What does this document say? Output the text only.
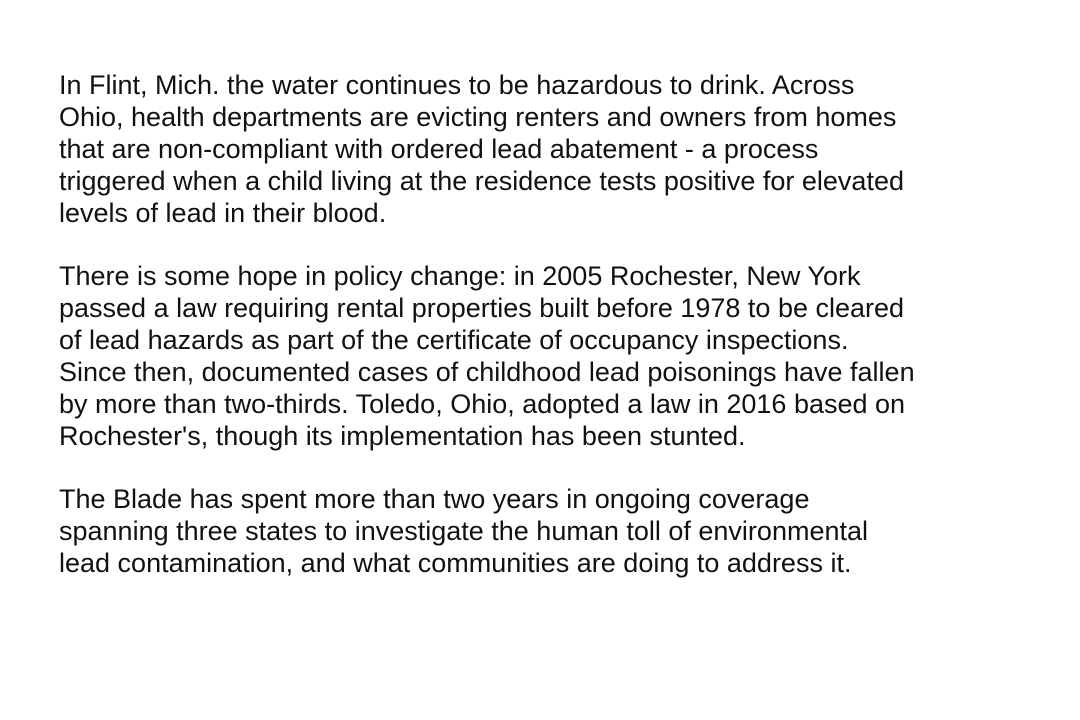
In Flint, Mich. the water continues to be hazardous to drink. Across
Ohio, health departments are evicting renters and owners from homes
that are non-compliant with ordered lead abatement - a process
triggered when a child living at the residence tests positive for elevated
levels of lead in their blood.

There is some hope in policy change: in 2005 Rochester, New York
passed a law requiring rental properties built before 1978 to be cleared
of lead hazards as part of the certificate of occupancy inspections.
Since then, documented cases of childhood lead poisonings have fallen
by more than two-thirds. Toledo, Ohio, adopted a law in 2016 based on
Rochester's, though its implementation has been stunted.

The Blade has spent more than two years in ongoing coverage
spanning three states to investigate the human toll of environmental
lead contamination, and what communities are doing to address it.
